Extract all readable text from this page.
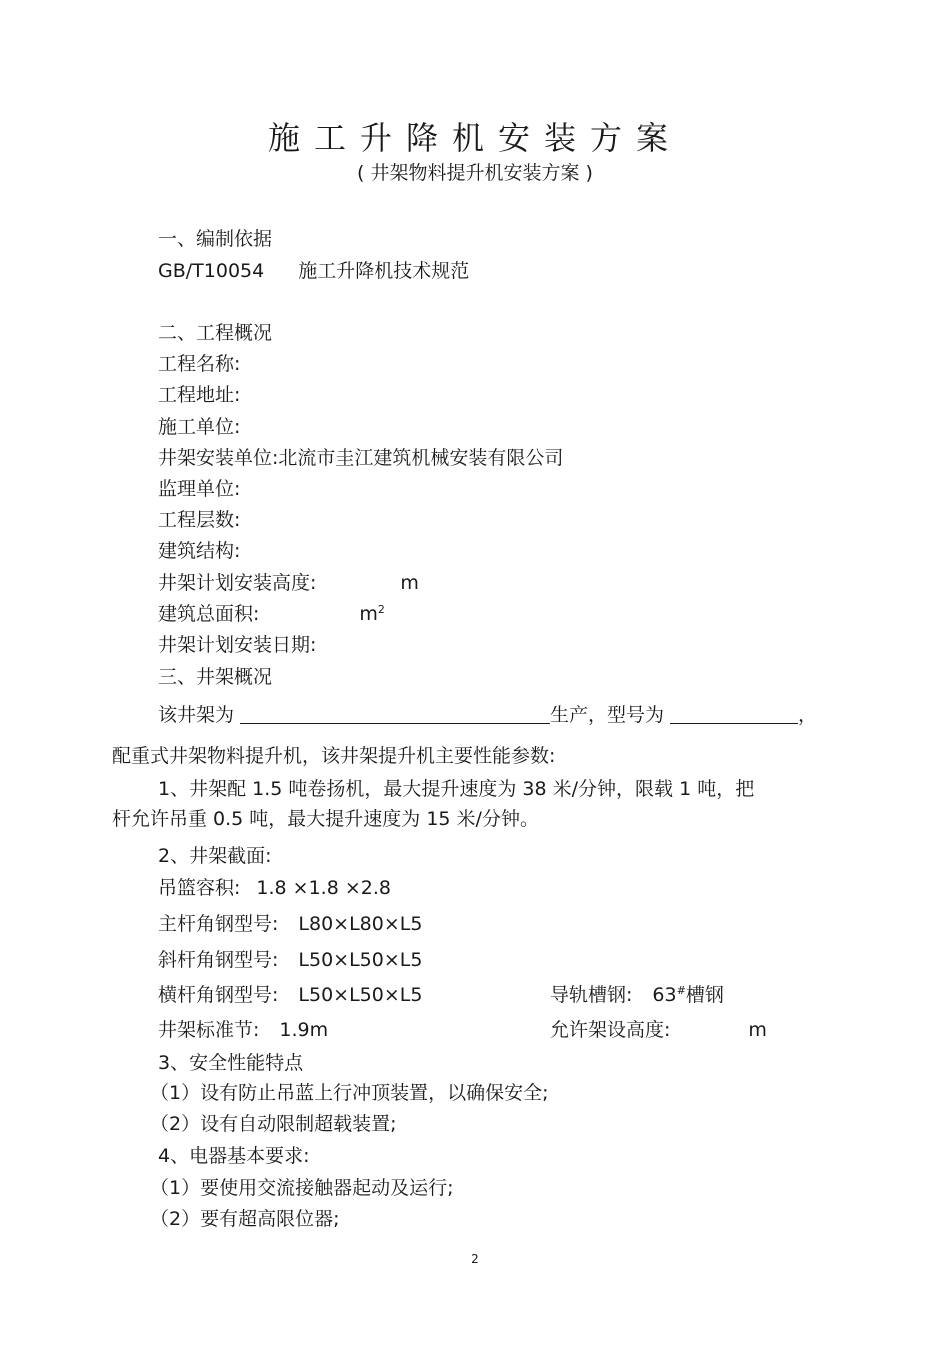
施工升降机安装方案
( 井架物料提升机安装方案 )
一、编制依据
GB/T10054 施工升降机技术规范
二、工程概况
工程名称:
工程地址:
施工单位:
井架安装单位:北流市圭江建筑机械安装有限公司
监理单位:
工程层数:
建筑结构:
井架计划安装高度:	m
建筑总面积:	$m^2$
井架计划安装日期:
三、井架概况
该井架为	生产，型号为	，
配重式井架物料提升机，该井架提升机主要性能参数:
1、井架配 1.5 吨卷扬机，最大提升速度为 38 米/分钟，限载 1 吨，把
杆允许吊重 0.5 吨，最大提升速度为 15 米/分钟。
2、井架截面:
吊篮容积: 1.8 ×1.8 ×2.8
主杆角钢型号: L80×L80×L5
斜杆角钢型号: L50×L50×L5
横杆角钢型号: L50×L50×L5	导轨槽钢: 63#槽钢
井架标准节: 1.9m	允许架设高度:	m
3、安全性能特点
（1）设有防止吊蓝上行冲顶装置，以确保安全;
（2）设有自动限制超载装置;
4、电器基本要求:
（1）要使用交流接触器起动及运行;
（2）要有超高限位器;
2
